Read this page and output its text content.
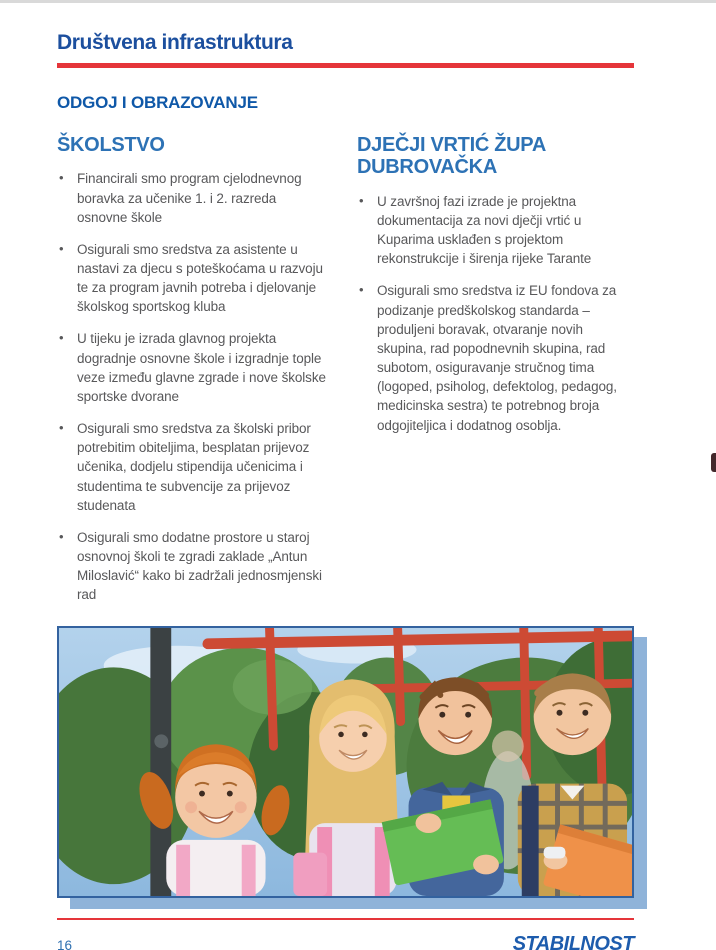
Društvena infrastruktura
ODGOJ I OBRAZOVANJE
ŠKOLSTVO
• Financirali smo program cjelodnevnog boravka za učenike 1. i 2. razreda osnovne škole
• Osigurali smo sredstva za asistente u nastavi za djecu s poteškoćama u razvoju te za program javnih potreba i djelovanje školskog sportskog kluba
• U tijeku je izrada glavnog projekta dogradnje osnovne škole i izgradnje tople veze između glavne zgrade i nove školske sportske dvorane
• Osigurali smo sredstva za školski pribor potrebitim obiteljima, besplatan prijevoz učenika, dodjelu stipendija učenicima i studentima te subvencije za prijevoz studenata
• Osigurali smo dodatne prostore u staroj osnovnoj školi te zgradi zaklade „Antun Miloslavić“ kako bi zadržali jednosmjenski rad
DJEČJI VRTIĆ ŽUPA DUBROVAČKA
• U završnoj fazi izrade je projektna dokumentacija za novi dječji vrtić u Kuparima usklađen s projektom rekonstrukcije i širenja rijeke Tarante
• Osigurali smo sredstva iz EU fondova za podizanje predškolskog standarda – produljeni boravak, otvaranje novih skupina, rad popodnevnih skupina, rad subotom, osiguravanje stručnog tima (logoped, psiholog, defektolog, pedagog, medicinska sestra) te potrebnog broja odgojiteljica i dodatnog osoblja.
16	STABILNOST
